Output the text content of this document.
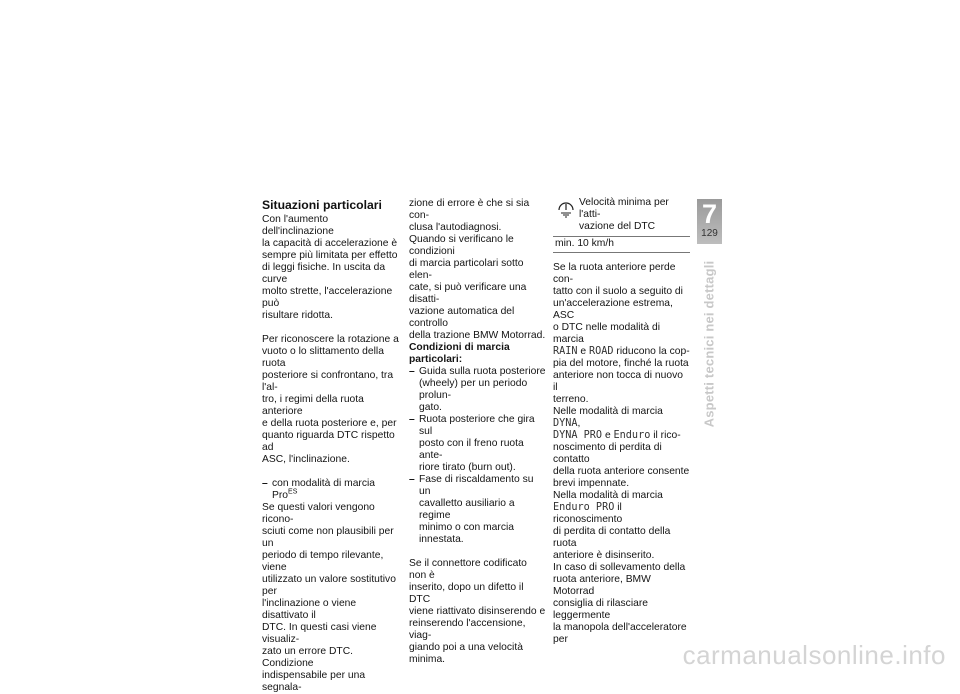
Situazioni particolari
Con l'aumento dell'inclinazione
la capacità di accelerazione è
sempre più limitata per effetto
di leggi fisiche. In uscita da curve
molto strette, l'accelerazione può
risultare ridotta.
Per riconoscere la rotazione a
vuoto o lo slittamento della ruota
posteriore si confrontano, tra l'al-
tro, i regimi della ruota anteriore
e della ruota posteriore e, per
quanto riguarda DTC rispetto ad
ASC, l'inclinazione.
– con modalità di marcia Pro$^{ES}$
Se questi valori vengono ricono-
sciuti come non plausibili per un
periodo di tempo rilevante, viene
utilizzato un valore sostitutivo per
l'inclinazione o viene disattivato il
DTC. In questi casi viene visualiz-
zato un errore DTC. Condizione
indispensabile per una segnala-
zione di errore è che si sia con-
clusa l'autodiagnosi.
Quando si verificano le condizioni
di marcia particolari sotto elen-
cate, si può verificare una disatti-
vazione automatica del controllo
della trazione BMW Motorrad.
Condizioni di marcia
particolari:
– Guida sulla ruota posteriore
(wheely) per un periodo prolun-
gato.
– Ruota posteriore che gira sul
posto con il freno ruota ante-
riore tirato (burn out).
– Fase di riscaldamento su un
cavalletto ausiliario a regime
minimo o con marcia innestata.
Se il connettore codificato non è
inserito, dopo un difetto il DTC
viene riattivato disinserendo e
reinserendo l'accensione, viag-
giando poi a una velocità minima.
Velocità minima per l'atti-
vazione del DTC
min. 10 km/h
Se la ruota anteriore perde con-
tatto con il suolo a seguito di
un'accelerazione estrema, ASC
o DTC nelle modalità di marcia
RAIN e ROAD riducono la cop-
pia del motore, finché la ruota
anteriore non tocca di nuovo il
terreno.
Nelle modalità di marcia DYNA,
DYNA PRO e Enduro il rico-
noscimento di perdita di contatto
della ruota anteriore consente
brevi impennate.
Nella modalità di marcia
Enduro PRO il riconoscimento
di perdita di contatto della ruota
anteriore è disinserito.
In caso di sollevamento della
ruota anteriore, BMW Motorrad
consiglia di rilasciare leggermente
la manopola dell'acceleratore per
7
129
Aspetti tecnici nei dettagli
carmanualsonline.info
